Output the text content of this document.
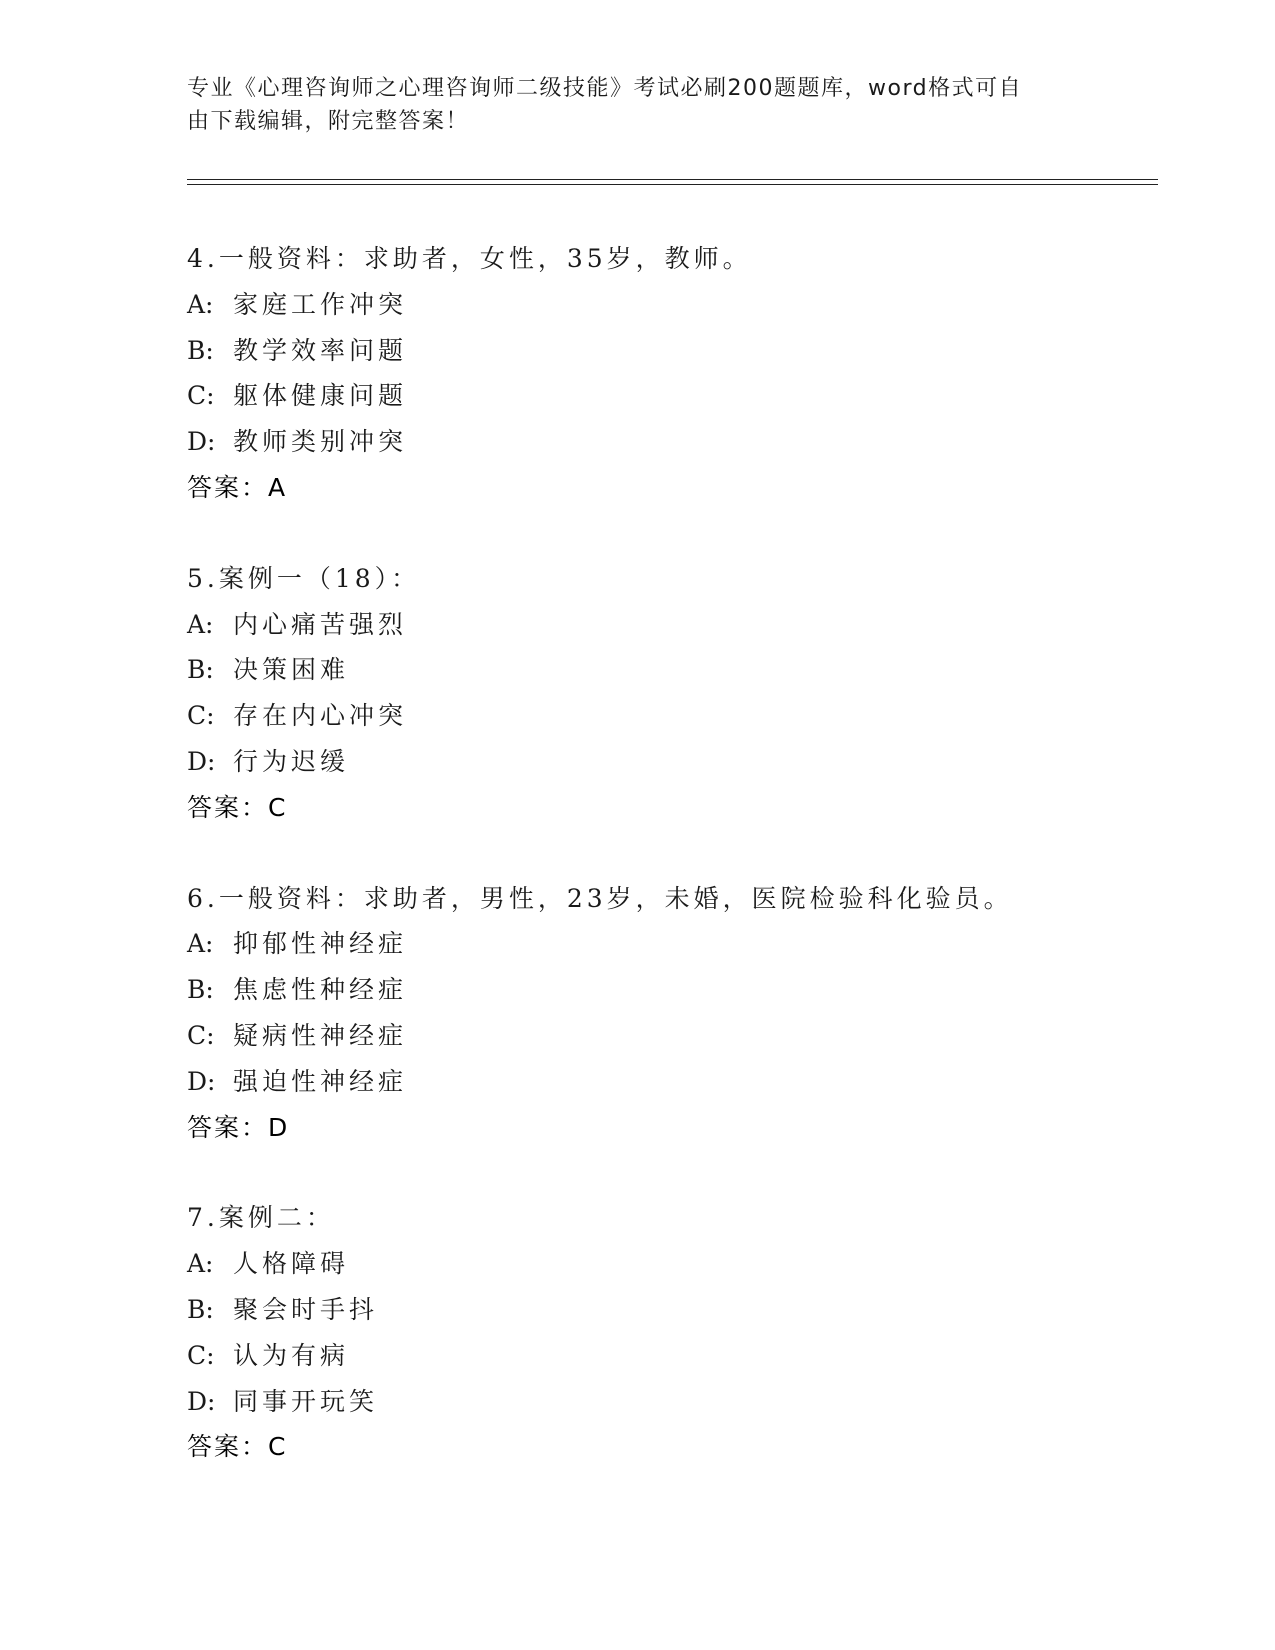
专业《心理咨询师之心理咨询师二级技能》考试必刷200题题库，word格式可自
由下载编辑，附完整答案！
4.一般资料：求助者，女性，35岁，教师。
A: 家庭工作冲突
B: 教学效率问题
C: 躯体健康问题
D: 教师类别冲突
答案：A
5.案例一（18）：
A: 内心痛苦强烈
B: 决策困难
C: 存在内心冲突
D: 行为迟缓
答案：C
6.一般资料：求助者，男性，23岁，未婚，医院检验科化验员。
A: 抑郁性神经症
B: 焦虑性种经症
C: 疑病性神经症
D: 强迫性神经症
答案：D
7.案例二：
A: 人格障碍
B: 聚会时手抖
C: 认为有病
D: 同事开玩笑
答案：C
